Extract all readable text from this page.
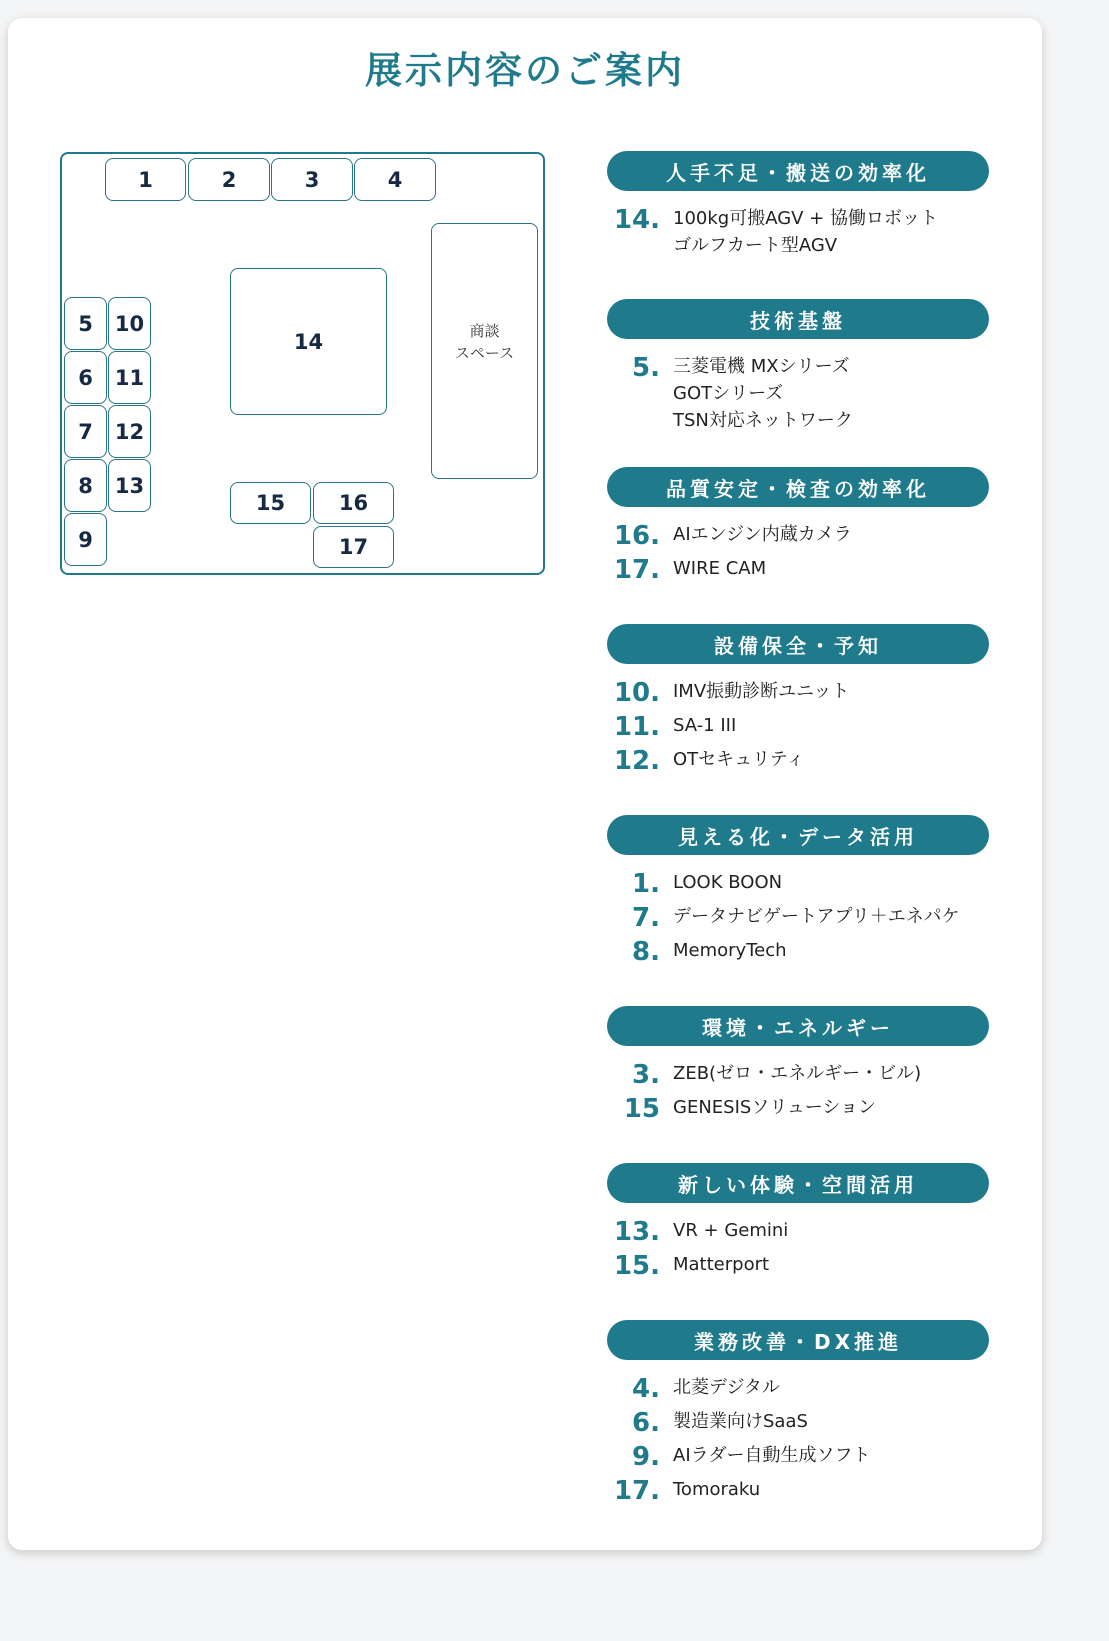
展示内容のご案内
1	2	3	4
5	10
6	11
7	12
8	13
9
14
15	16
17
商談
スペース
人手不足・搬送の効率化
14. 100kg可搬AGV + 協働ロボット
ゴルフカート型AGV
技術基盤
5. 三菱電機 MXシリーズ
GOTシリーズ
TSN対応ネットワーク
品質安定・検査の効率化
16. AIエンジン内蔵カメラ
17. WIRE CAM
設備保全・予知
10. IMV振動診断ユニット
11. SA-1 III
12. OTセキュリティ
見える化・データ活用
1. LOOK BOON
7. データナビゲートアプリ＋エネパケ
8. MemoryTech
環境・エネルギー
3. ZEB(ゼロ・エネルギー・ビル)
15 GENESISソリューション
新しい体験・空間活用
13. VR + Gemini
15. Matterport
業務改善・DX推進
4. 北菱デジタル
6. 製造業向けSaaS
9. AIラダー自動生成ソフト
17. Tomoraku
